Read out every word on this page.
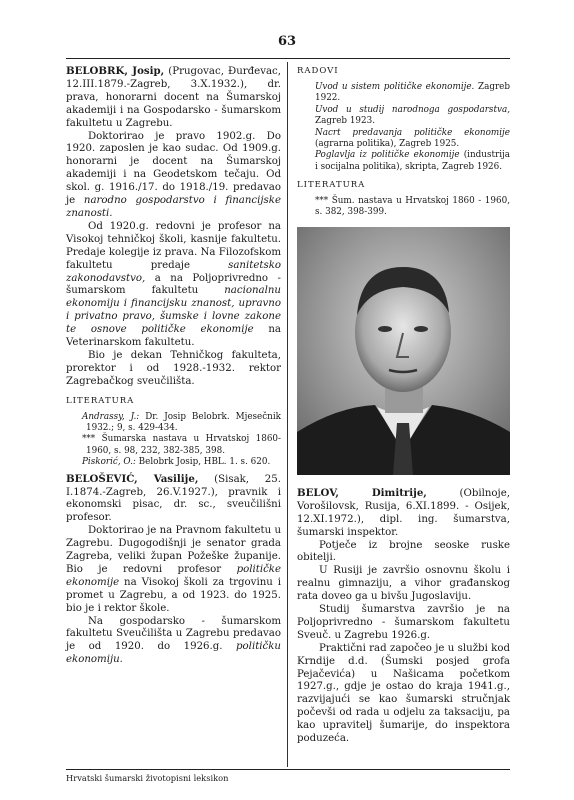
63

BELOBRK, Josip, (Prugovac, Đurđevac, 12.III.1879.-Zagreb, 3.X.1932.), dr. prava, honorarni docent na Šumarskoj akademiji i na Gospodarsko - šumarskom fakultetu u Zagrebu.

Doktorirao je pravo 1902.g. Do 1920. zaposlen je kao sudac. Od 1909.g. honorarni je docent na Šumarskoj akademiji i na Geodetskom tečaju. Od skol. g. 1916./17. do 1918./19. predavao je narodno gospodarstvo i financijske znanosti.

Od 1920.g. redovni je profesor na Visokoj tehničkoj školi, kasnije fakultetu. Predaje kolegije iz prava. Na Filozofskom fakultetu predaje sanitetsko zakonodavstvo, a na Poljoprivredno - šumarskom fakultetu nacionalnu ekonomiju i financijsku znanost, upravno i privatno pravo, šumske i lovne zakone te osnove političke ekonomije na Veterinarskom fakultetu.

Bio je dekan Tehničkog fakulteta, prorektor i od 1928.-1932. rektor Zagrebačkog sveučilišta.

LITERATURA

Andrassy, J.: Dr. Josip Belobrk. Mjesečnik 1932.; 9, s. 429-434.

*** Šumarska nastava u Hrvatskoj 1860-1960, s. 98, 232, 382-385, 398.

Piskorić, O.: Belobrk Josip, HBL. 1. s. 620.

BELOŠEVIĆ, Vasilije, (Sisak, 25. I.1874.-Zagreb, 26.V.1927.), pravnik i ekonomski pisac, dr. sc., sveučilišni profesor.

Doktorirao je na Pravnom fakultetu u Zagrebu. Dugogodišnji je senator grada Zagreba, veliki župan Požeške županije. Bio je redovni profesor političke ekonomije na Visokoj školi za trgovinu i promet u Zagrebu, a od 1923. do 1925. bio je i rektor škole.

Na gospodarsko - šumarskom fakultetu Sveučilišta u Zagrebu predavao je od 1920. do 1926.g. političku ekonomiju.

RADOVI

Uvod u sistem političke ekonomije. Zagreb 1922.

Uvod u studij narodnoga gospodarstva, Zagreb 1923.

Nacrt predavanja političke ekonomije (agrarna politika), Zagreb 1925.

Poglavlja iz političke ekonomije (industrija i socijalna politika), skripta, Zagreb 1926.

LITERATURA

*** Šum. nastava u Hrvatskoj 1860 - 1960, s. 382, 398-399.

BELOV, Dimitrije, (Obilnoje, Vorošilovsk, Rusija, 6.XI.1899. - Osijek, 12.XI.1972.), dipl. ing. šumarstva, šumarski inspektor.

Potječe iz brojne seoske ruske obitelji.

U Rusiji je završio osnovnu školu i realnu gimnaziju, a vihor građanskog rata doveo ga u bivšu Jugoslaviju.

Studij šumarstva završio je na Poljoprivredno - šumarskom fakultetu Sveuč. u Zagrebu 1926.g.

Praktični rad započeo je u službi kod Krndije d.d. (Šumski posjed grofa Pejačevića) u Našicama početkom 1927.g., gdje je ostao do kraja 1941.g., razvijajući se kao šumarski stručnjak počevši od rada u odjelu za taksaciju, pa kao upravitelj šumarije, do inspektora poduzeća.

Hrvatski šumarski životopisni leksikon
